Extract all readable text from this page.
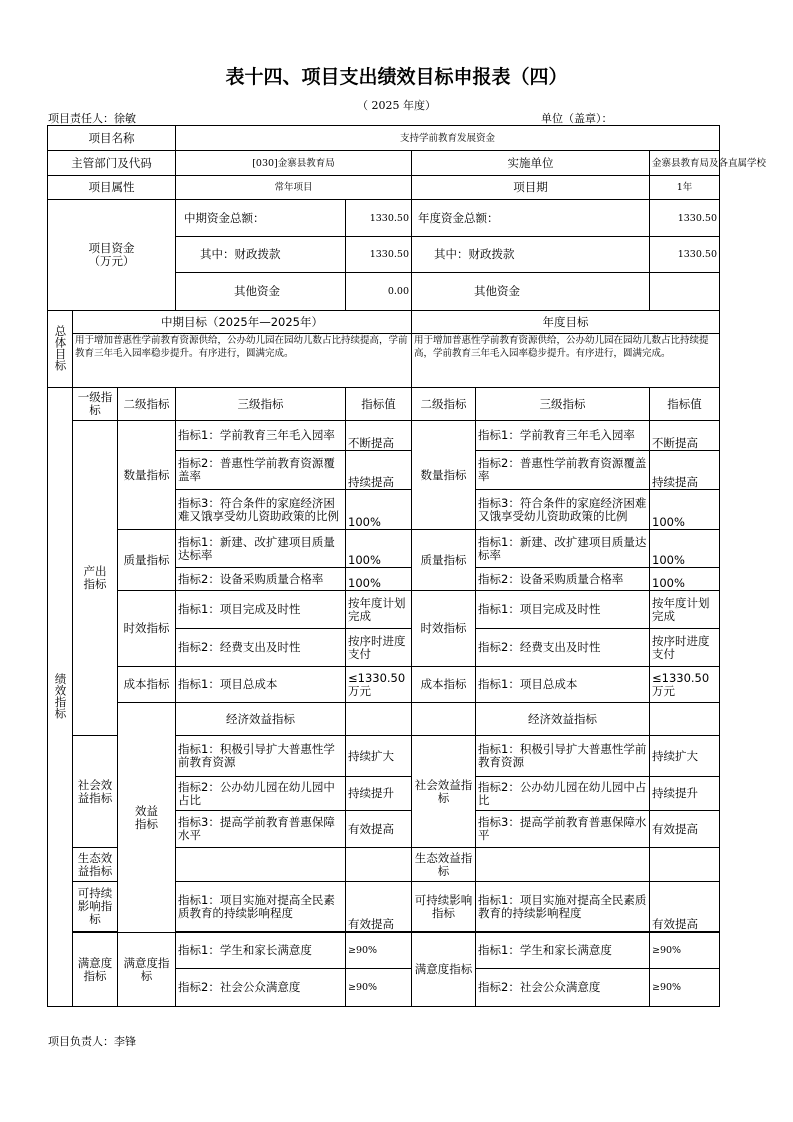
表十四、项目支出绩效目标申报表（四）
（ 2025 年度）
项目责任人：徐敏	单位（盖章）：
项目名称			支持学前教育发展资金					
主管部门及代码			[030]金寨县教育局		实施单位		金寨县教育局及各直属学校	
项目属性			常年项目		项目期		1年	
项目资金（万元）			中期资金总额：	1330.50	年度资金总额：		1330.50	
			其中：财政拨款	1330.50	其中：财政拨款		1330.50	
			其他资金	0.00	其他资金			
总体目标	中期目标（2025年—2025年）				年度目标			
	用于增加普惠性学前教育资源供给，公办幼儿园在园幼儿数占比持续提高，学前教育三年毛入园率稳步提升。有序进行，圆满完成。				用于增加普惠性学前教育资源供给，公办幼儿园在园幼儿数占比持续提高，学前教育三年毛入园率稳步提升。有序进行，圆满完成。			
绩效指标	一级指标	二级指标	三级指标	指标值	二级指标	三级指标	指标值	
	产出指标	数量指标	指标1：学前教育三年毛入园率	不断提高	数量指标	指标1：学前教育三年毛入园率	不断提高	
			指标2：普惠性学前教育资源覆盖率	持续提高		指标2：普惠性学前教育资源覆盖率	持续提高	
			指标3：符合条件的家庭经济困难又饿享受幼儿资助政策的比例	100%		指标3：符合条件的家庭经济困难又饿享受幼儿资助政策的比例	100%	
		质量指标	指标1：新建、改扩建项目质量达标率	100%	质量指标	指标1：新建、改扩建项目质量达标率	100%	
			指标2：设备采购质量合格率	100%		指标2：设备采购质量合格率	100%	
		时效指标	指标1：项目完成及时性	按年度计划完成	时效指标	指标1：项目完成及时性	按年度计划完成	
			指标2：经费支出及时性	按序时进度支付		指标2：经费支出及时性	按序时进度支付	
		成本指标	指标1：项目总成本	≤1330.50万元	成本指标	指标1：项目总成本	≤1330.50万元	
		效益指标	经济效益指标			经济效益指标		
	社会效益指标		指标1：积极引导扩大普惠性学前教育资源	持续扩大	社会效益指标	指标1：积极引导扩大普惠性学前教育资源	持续扩大	
			指标2：公办幼儿园在幼儿园中占比	持续提升		指标2：公办幼儿园在幼儿园中占比	持续提升	
			指标3：提高学前教育普惠保障水平	有效提高		指标3：提高学前教育普惠保障水平	有效提高	
	生态效益指标				生态效益指标			
	可持续影响指标		指标1：项目实施对提高全民素质教育的持续影响程度	有效提高	可持续影响指标	指标1：项目实施对提高全民素质教育的持续影响程度	有效提高	

	满意度指标	满意度指标	指标1：学生和家长满意度	≥90%	满意度指标	指标1：学生和家长满意度	≥90%	
			指标2：社会公众满意度	≥90%		指标2：社会公众满意度	≥90%	
项目负责人：李锋
